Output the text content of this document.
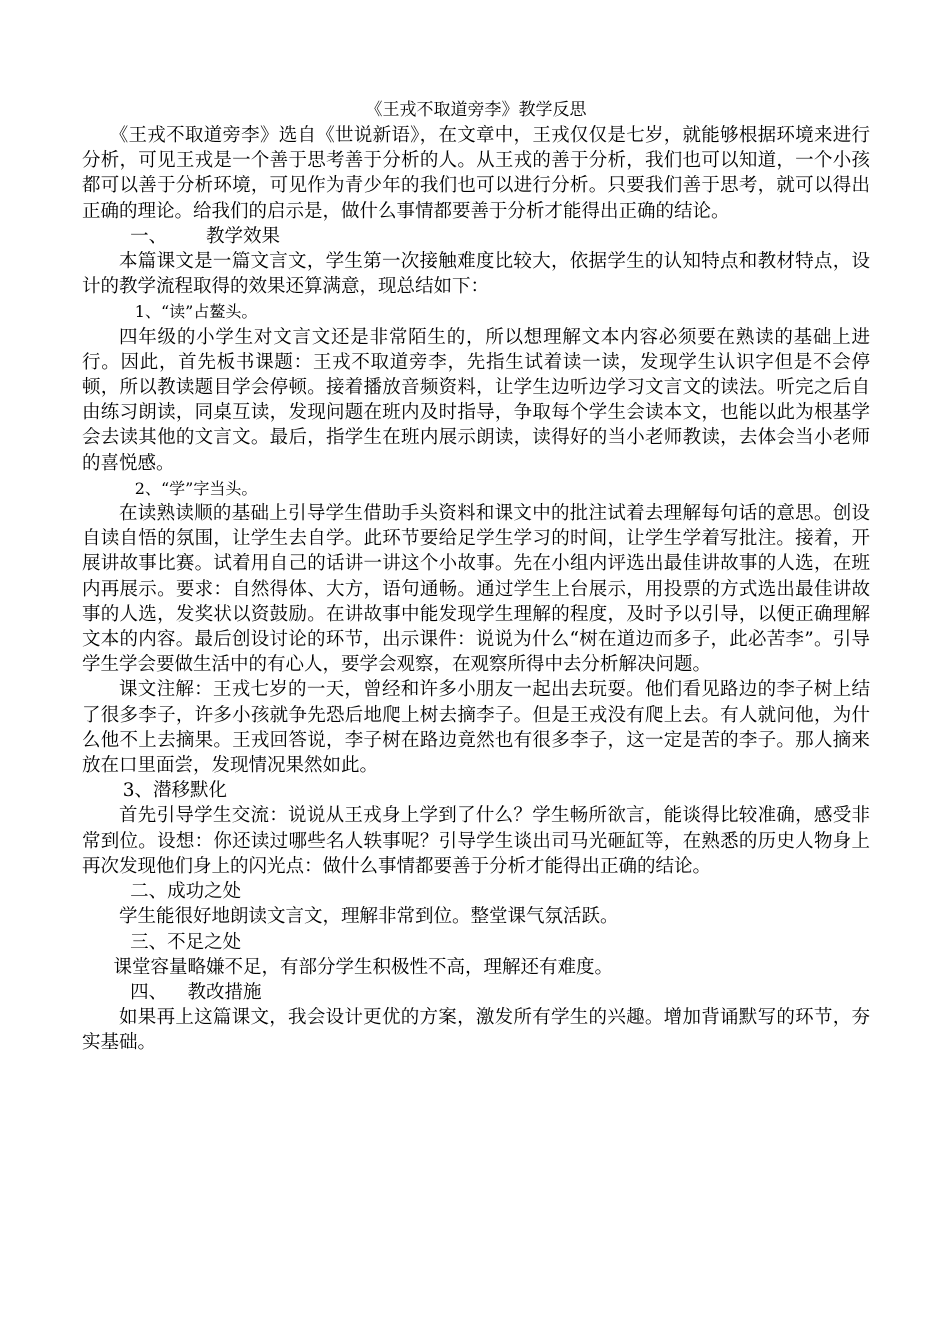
《王戎不取道旁李》教学反思

《王戎不取道旁李》选自《世说新语》，在文章中，王戎仅仅是七岁，就能够根据环境来进行分析，可见王戎是一个善于思考善于分析的人。从王戎的善于分析，我们也可以知道，一个小孩都可以善于分析环境，可见作为青少年的我们也可以进行分析。只要我们善于思考，就可以得出正确的理论。给我们的启示是，做什么事情都要善于分析才能得出正确的结论。

一、 教学效果

本篇课文是一篇文言文，学生第一次接触难度比较大，依据学生的认知特点和教材特点，设计的教学流程取得的效果还算满意，现总结如下：

1、“读”占鳌头。

四年级的小学生对文言文还是非常陌生的，所以想理解文本内容必须要在熟读的基础上进行。因此，首先板书课题：王戎不取道旁李，先指生试着读一读，发现学生认识字但是不会停顿，所以教读题目学会停顿。接着播放音频资料，让学生边听边学习文言文的读法。听完之后自由练习朗读，同桌互读，发现问题在班内及时指导，争取每个学生会读本文，也能以此为根基学会去读其他的文言文。最后，指学生在班内展示朗读，读得好的当小老师教读，去体会当小老师的喜悦感。

2、“学”字当头。

在读熟读顺的基础上引导学生借助手头资料和课文中的批注试着去理解每句话的意思。创设自读自悟的氛围，让学生去自学。此环节要给足学生学习的时间，让学生学着写批注。接着，开展讲故事比赛。试着用自己的话讲一讲这个小故事。先在小组内评选出最佳讲故事的人选，在班内再展示。要求：自然得体、大方，语句通畅。通过学生上台展示，用投票的方式选出最佳讲故事的人选，发奖状以资鼓励。在讲故事中能发现学生理解的程度，及时予以引导，以便正确理解文本的内容。最后创设讨论的环节，出示课件：说说为什么“树在道边而多子，此必苦李”。引导学生学会要做生活中的有心人，要学会观察，在观察所得中去分析解决问题。

课文注解：王戎七岁的一天，曾经和许多小朋友一起出去玩耍。他们看见路边的李子树上结了很多李子，许多小孩就争先恐后地爬上树去摘李子。但是王戎没有爬上去。有人就问他，为什么他不上去摘果。王戎回答说，李子树在路边竟然也有很多李子，这一定是苦的李子。那人摘来放在口里面尝，发现情况果然如此。

3、潜移默化

首先引导学生交流：说说从王戎身上学到了什么？学生畅所欲言，能谈得比较准确，感受非常到位。设想：你还读过哪些名人轶事呢？引导学生谈出司马光砸缸等，在熟悉的历史人物身上再次发现他们身上的闪光点：做什么事情都要善于分析才能得出正确的结论。

二、成功之处

学生能很好地朗读文言文，理解非常到位。整堂课气氛活跃。

三、不足之处

课堂容量略嫌不足，有部分学生积极性不高，理解还有难度。

四、 教改措施

如果再上这篇课文，我会设计更优的方案，激发所有学生的兴趣。增加背诵默写的环节，夯实基础。
